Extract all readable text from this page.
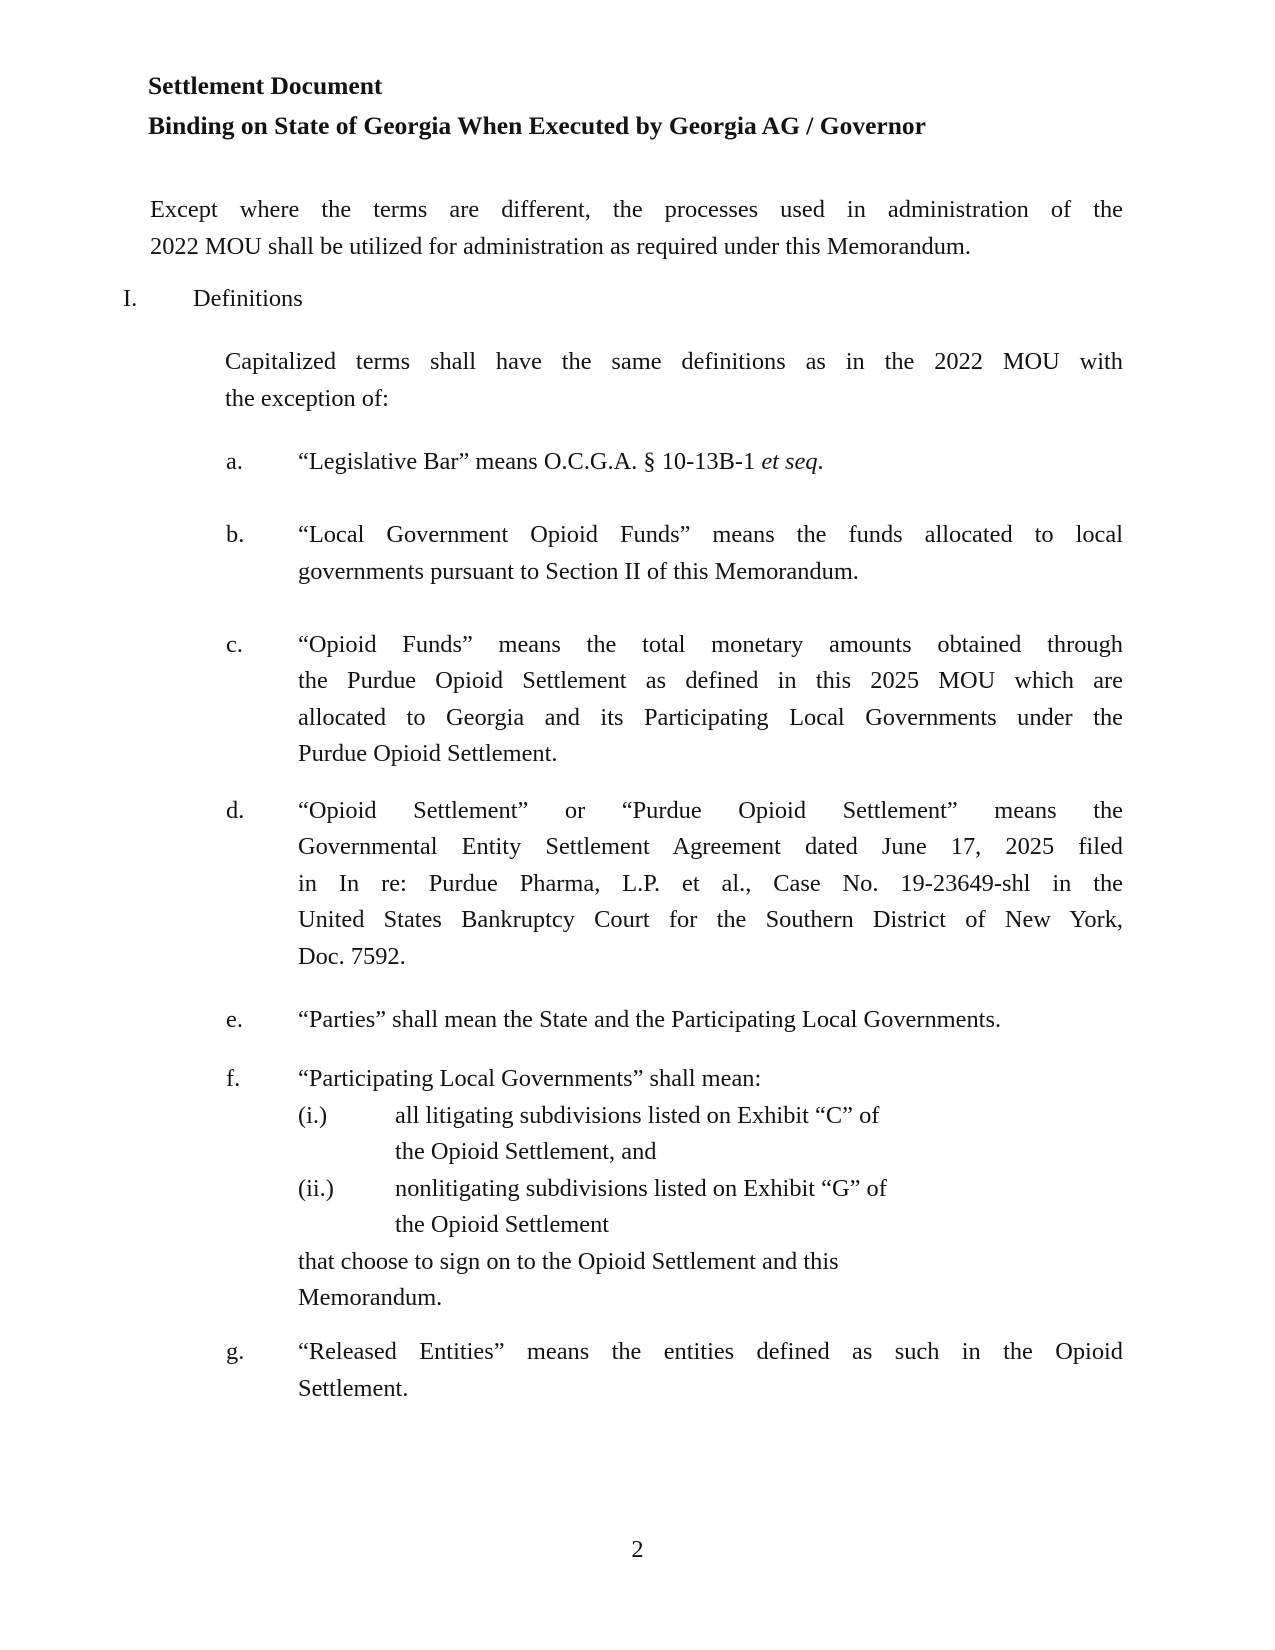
Settlement Document
Binding on State of Georgia When Executed by Georgia AG / Governor
Except where the terms are different, the processes used in administration of the
2022 MOU shall be utilized for administration as required under this Memorandum.
I.	Definitions
Capitalized terms shall have the same definitions as in the 2022 MOU with
the exception of:
a.	“Legislative Bar” means O.C.G.A. § 10-13B-1 et seq.
b.	“Local Government Opioid Funds” means the funds allocated to local
governments pursuant to Section II of this Memorandum.
c.	“Opioid Funds” means the total monetary amounts obtained through
the Purdue Opioid Settlement as defined in this 2025 MOU which are
allocated to Georgia and its Participating Local Governments under the
Purdue Opioid Settlement.
d.	“Opioid Settlement” or “Purdue Opioid Settlement” means the
Governmental Entity Settlement Agreement dated June 17, 2025 filed
in In re: Purdue Pharma, L.P. et al., Case No. 19-23649-shl in the
United States Bankruptcy Court for the Southern District of New York,
Doc. 7592.
e.	“Parties” shall mean the State and the Participating Local Governments.
f.	“Participating Local Governments” shall mean:
(i.)	all litigating subdivisions listed on Exhibit “C” of
the Opioid Settlement, and
(ii.)	nonlitigating subdivisions listed on Exhibit “G” of
the Opioid Settlement
that choose to sign on to the Opioid Settlement and this
Memorandum.
g.	“Released Entities” means the entities defined as such in the Opioid
Settlement.
2
